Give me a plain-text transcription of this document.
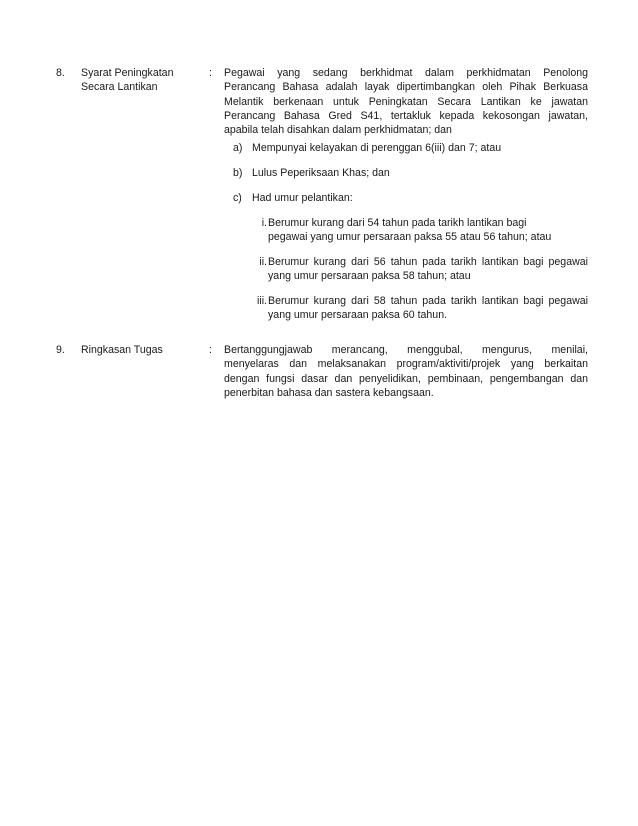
8. Syarat Peningkatan
Secara Lantikan
: Pegawai yang sedang berkhidmat dalam perkhidmatan Penolong
Perancang Bahasa adalah layak dipertimbangkan oleh Pihak Berkuasa
Melantik berkenaan untuk Peningkatan Secara Lantikan ke jawatan
Perancang Bahasa Gred S41, tertakluk kepada kekosongan jawatan,
apabila telah disahkan dalam perkhidmatan; dan
a) Mempunyai kelayakan di perenggan 6(iii) dan 7; atau
b) Lulus Peperiksaan Khas; dan
c) Had umur pelantikan:
i. Berumur kurang dari 54 tahun pada tarikh lantikan bagi
pegawai yang umur persaraan paksa 55 atau 56 tahun; atau
ii. Berumur kurang dari 56 tahun pada tarikh lantikan bagi pegawai
yang umur persaraan paksa 58 tahun; atau
iii. Berumur kurang dari 58 tahun pada tarikh lantikan bagi pegawai
yang umur persaraan paksa 60 tahun.
9. Ringkasan Tugas	: Bertanggungjawab merancang, menggubal, mengurus, menilai,
menyelaras dan melaksanakan program/aktiviti/projek yang berkaitan
dengan fungsi dasar dan penyelidikan, pembinaan, pengembangan dan
penerbitan bahasa dan sastera kebangsaan.
